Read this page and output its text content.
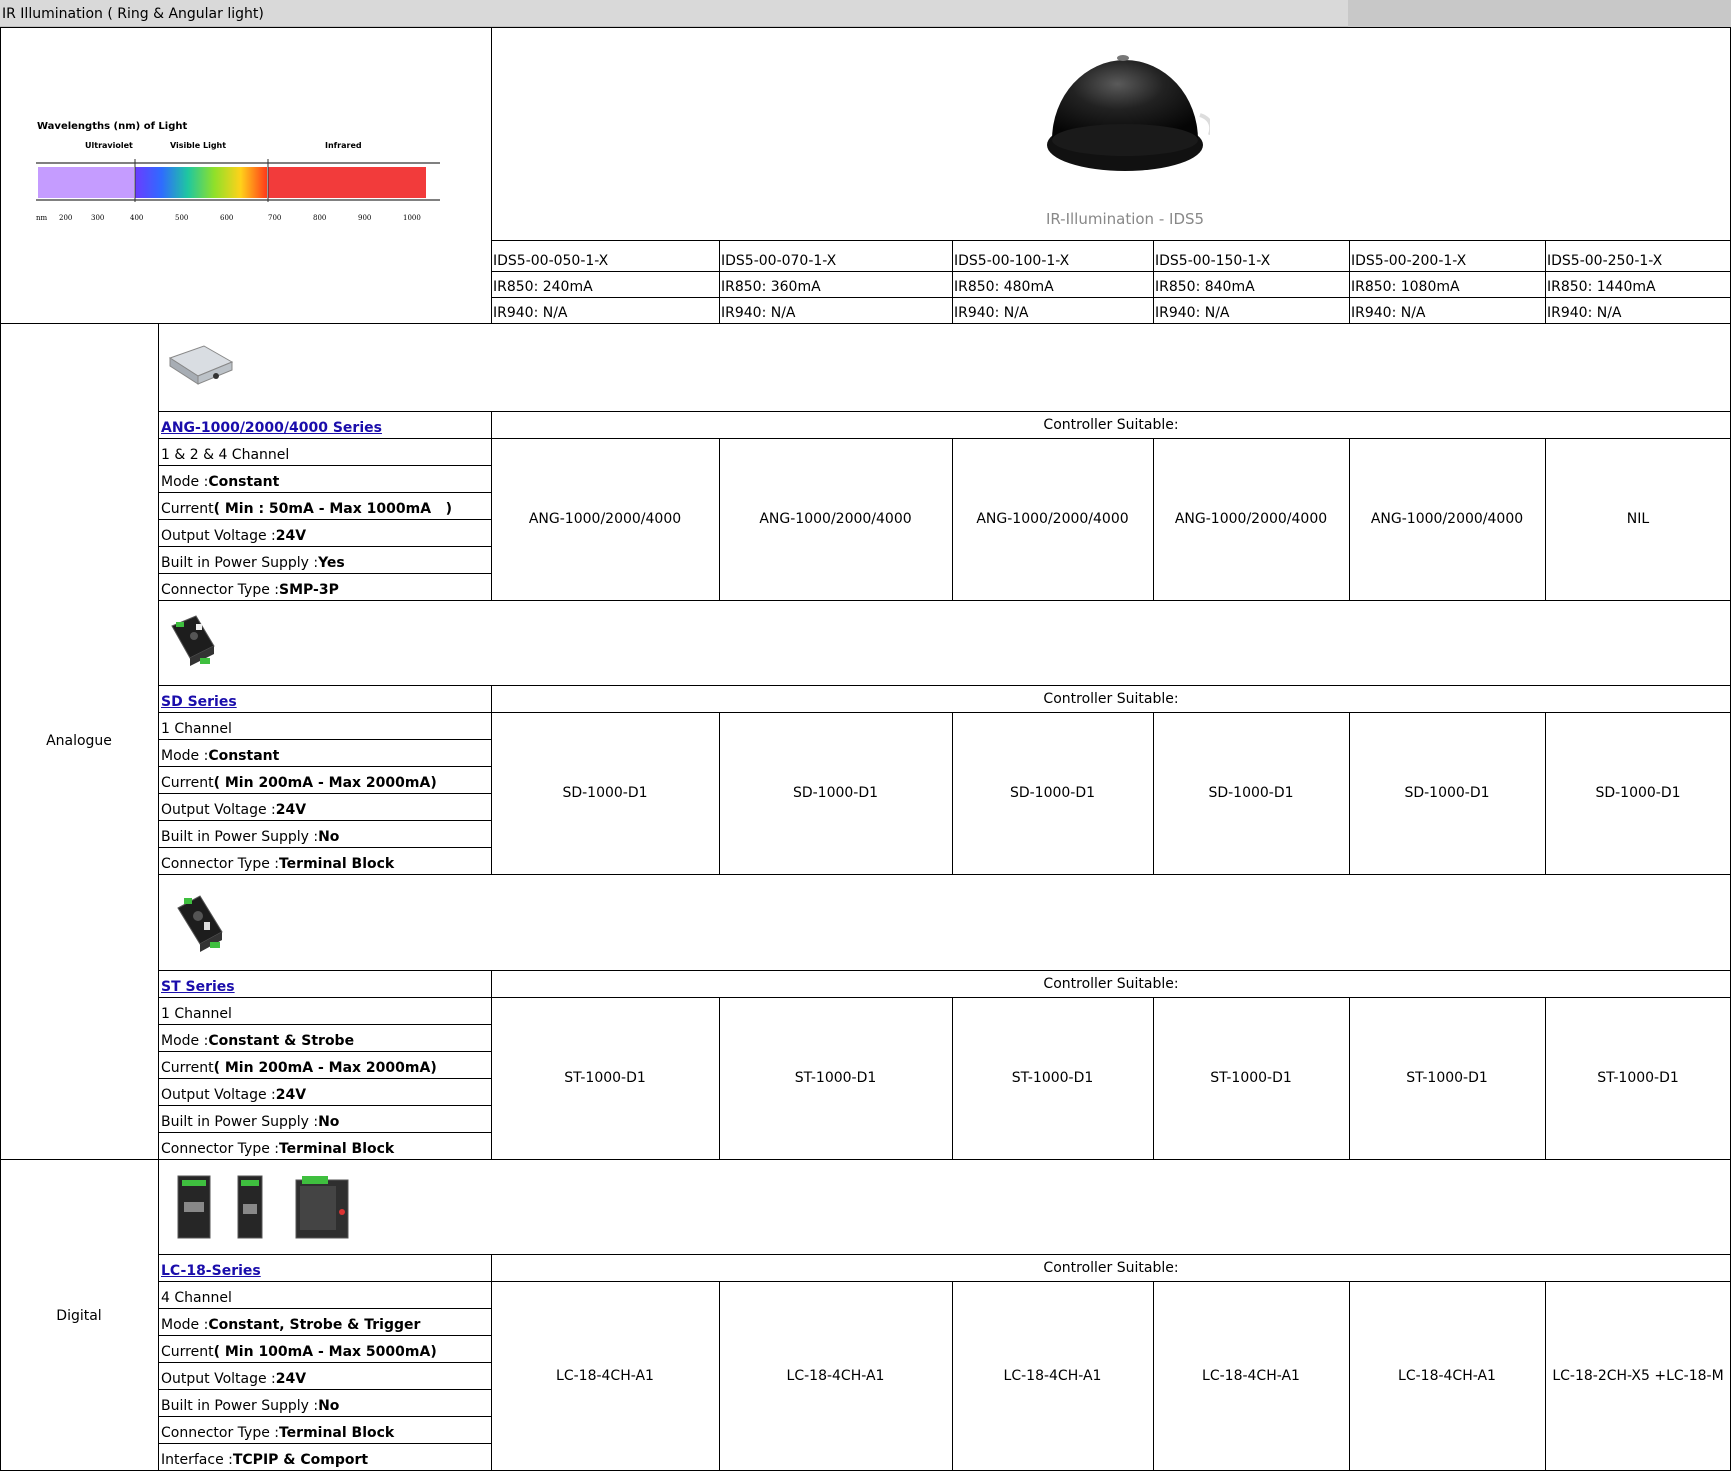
IR Illumination ( Ring & Angular light)
Wavelengths (nm) of Light
Ultraviolet	Visible Light	Infrared
nm 200	300	400	500	600	700	800	900	1000	IR-Illumination - IDS5
IDS5-00-050-1-X	IDS5-00-070-1-X	IDS5-00-100-1-X	IDS5-00-150-1-X	IDS5-00-200-1-X	IDS5-00-250-1-X
IR850: 240mA	IR850: 360mA	IR850: 480mA	IR850: 840mA	IR850: 1080mA	IR850: 1440mA
IR940: N/A	IR940: N/A	IR940: N/A	IR940: N/A	IR940: N/A	IR940: N/A
Analogue
Digital
ANG-1000/2000/4000 Series	Controller Suitable:
1 & 2 & 4 Channel
Mode : Constant
Current ( Min : 50mA - Max 1000mA   )
Output Voltage : 24V
Built in Power Supply : Yes
Connector Type : SMP-3P
ANG-1000/2000/4000	ANG-1000/2000/4000	ANG-1000/2000/4000	ANG-1000/2000/4000	ANG-1000/2000/4000	NIL
SD Series	Controller Suitable:
1 Channel
Mode : Constant
Current ( Min 200mA - Max 2000mA)
Output Voltage : 24V
Built in Power Supply : No
Connector Type : Terminal Block
SD-1000-D1	SD-1000-D1	SD-1000-D1	SD-1000-D1	SD-1000-D1	SD-1000-D1
ST Series	Controller Suitable:
1 Channel
Mode : Constant & Strobe
Current ( Min 200mA - Max 2000mA)
Output Voltage : 24V
Built in Power Supply : No
Connector Type : Terminal Block
ST-1000-D1	ST-1000-D1	ST-1000-D1	ST-1000-D1	ST-1000-D1	ST-1000-D1
LC-18-Series	Controller Suitable:
4 Channel
Mode : Constant, Strobe & Trigger
Current ( Min 100mA - Max 5000mA)
Output Voltage : 24V
Built in Power Supply : No
Connector Type : Terminal Block
Interface : TCPIP & Comport
LC-18-4CH-A1	LC-18-4CH-A1	LC-18-4CH-A1	LC-18-4CH-A1	LC-18-4CH-A1	LC-18-2CH-X5 +LC-18-M
